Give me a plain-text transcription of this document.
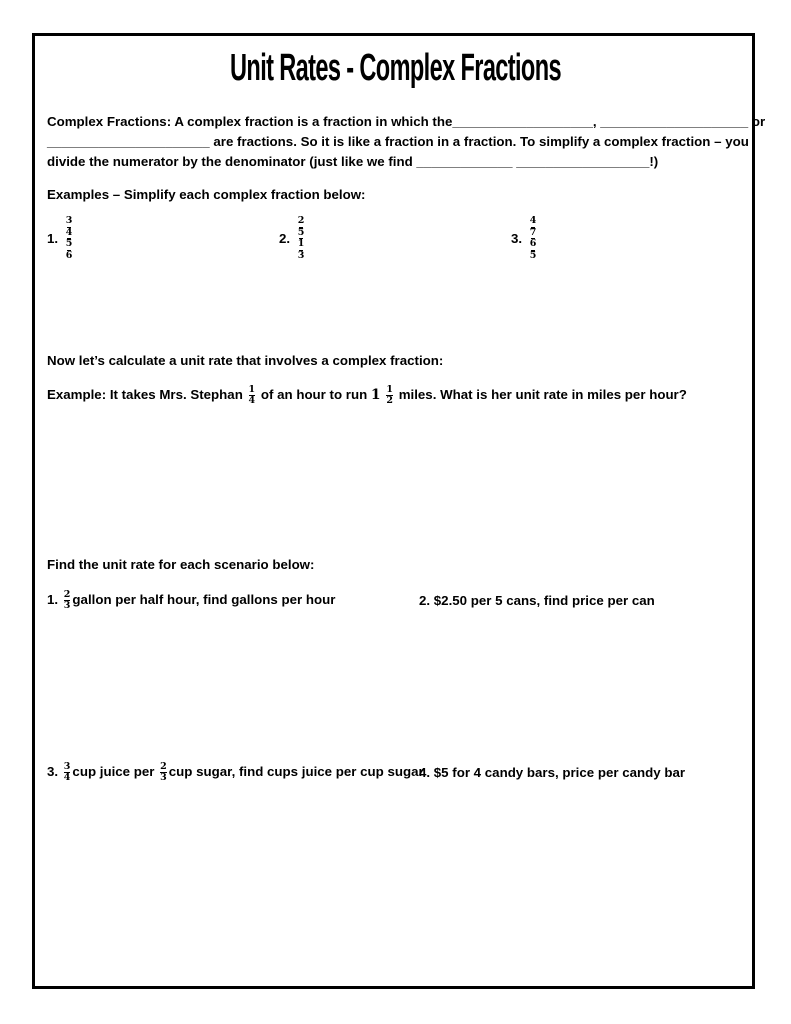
Unit Rates - Complex Fractions
Complex Fractions: A complex fraction is a fraction in which the___________________, ____________________ or
______________________ are fractions. So it is like a fraction in a fraction. To simplify a complex fraction – you
divide the numerator by the denominator (just like we find _____________ __________________!)
Examples – Simplify each complex fraction below:
1. 3
4
5
6	2. 2
5
1
3	3. 4
7
6
5
Now let’s calculate a unit rate that involves a complex fraction:
Example: It takes Mrs. Stephan $\frac{1}{4}$ of an hour to run $1 \frac{1}{2}$ miles. What is her unit rate in miles per hour?
Find the unit rate for each scenario below:
1. $\frac{2}{3}$ gallon per half hour, find gallons per hour	2. $2.50 per 5 cans, find price per can
3. $\frac{3}{4}$ cup juice per $\frac{2}{3}$ cup sugar, find cups juice per cup sugar
4. $5 for 4 candy bars, price per candy bar
